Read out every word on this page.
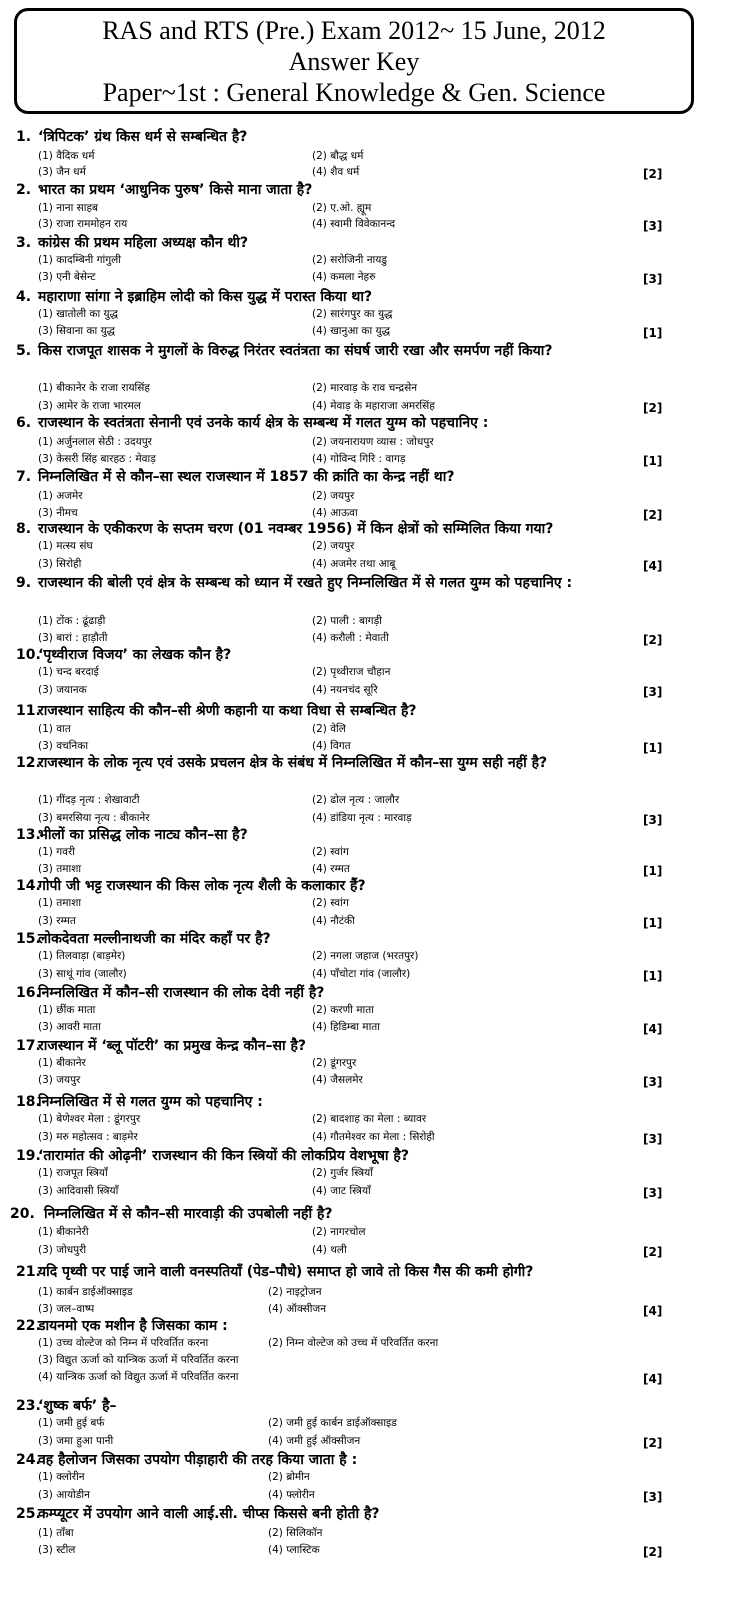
RAS and RTS (Pre.) Exam 2012~ 15 June, 2012
Answer Key
Paper~1st : General Knowledge & Gen. Science
1. ‘त्रिपिटक’ ग्रंथ किस धर्म से सम्बन्धित है?
(1) वैदिक धर्म	(2) बौद्ध धर्म
(3) जैन धर्म	(4) शैव धर्म	[2]
2. भारत का प्रथम ‘आधुनिक पुरुष’ किसे माना जाता है?
(1) नाना साहब	(2) ए.ओ. ह्यूम
(3) राजा राममोहन राय	(4) स्वामी विवेकानन्द	[3]
3. कांग्रेस की प्रथम महिला अध्यक्ष कौन थी?
(1) कादम्बिनी गांगुली	(2) सरोजिनी नायडु
(3) एनी बेसेन्ट	(4) कमला नेहरु	[3]
4. महाराणा सांगा ने इब्राहिम लोदी को किस युद्ध में परास्त किया था?
(1) खातोली का युद्ध	(2) सारंगपुर का युद्ध
(3) सिवाना का युद्ध	(4) खानुआ का युद्ध	[1]
5. किस राजपूत शासक ने मुगलों के विरुद्ध निरंतर स्वतंत्रता का संघर्ष जारी रखा और समर्पण नहीं किया?
(1) बीकानेर के राजा रायसिंह	(2) मारवाड़ के राव चन्द्रसेन
(3) आमेर के राजा भारमल	(4) मेवाड़ के महाराजा अमरसिंह	[2]
6. राजस्थान के स्वतंत्रता सेनानी एवं उनके कार्य क्षेत्र के सम्बन्ध में गलत युग्म को पहचानिए :
(1) अर्जुनलाल सेठी : उदयपुर	(2) जयनारायण व्यास : जोधपुर
(3) केसरी सिंह बारहठ : मेवाड़	(4) गोविन्द गिरि : वागड़	[1]
7. निम्नलिखित में से कौन–सा स्थल राजस्थान में 1857 की क्रांति का केन्द्र नहीं था?
(1) अजमेर	(2) जयपुर
(3) नीमच	(4) आऊवा	[2]
8. राजस्थान के एकीकरण के सप्तम चरण (01 नवम्बर 1956) में किन क्षेत्रों को सम्मिलित किया गया?
(1) मत्स्य संघ	(2) जयपुर
(3) सिरोही	(4) अजमेर तथा आबू	[4]
9. राजस्थान की बोली एवं क्षेत्र के सम्बन्ध को ध्यान में रखते हुए निम्नलिखित में से गलत युग्म को पहचानिए :
(1) टोंक : ढूंढाड़ी	(2) पाली : बागड़ी
(3) बारां : हाड़ौती	(4) करौली : मेवाती	[2]
10.
‘पृथ्वीराज विजय’ का लेखक कौन है?
(1) चन्द बरदाई	(2) पृथ्वीराज चौहान
(3) जयानक	(4) नयनचंद सूरि	[3]
11.
राजस्थान साहित्य की कौन–सी श्रेणी कहानी या कथा विधा से सम्बन्धित है?
(1) वात	(2) वेलि
(3) वचनिका	(4) विगत	[1]
12.
राजस्थान के लोक नृत्य एवं उसके प्रचलन क्षेत्र के संबंध में निम्नलिखित में कौन–सा युग्म सही नहीं है?
(1) गींदड़ नृत्य : शेखावाटी	(2) ढोल नृत्य : जालौर
(3) बमरसिया नृत्य : बीकानेर	(4) डांडिया नृत्य : मारवाड़	[3]
13.
भीलों का प्रसिद्ध लोक नाट्य कौन–सा है?
(1) गवरी	(2) स्वांग
(3) तमाशा	(4) रम्मत	[1]
14.
गोपी जी भट्ट राजस्थान की किस लोक नृत्य शैली के कलाकार हैं?
(1) तमाशा	(2) स्वांग
(3) रम्मत	(4) नौटंकी	[1]
15.
लोकदेवता मल्लीनाथजी का मंदिर कहाँ पर है?
(1) तिलवाड़ा (बाड़मेर)	(2) नगला जहाज (भरतपुर)
(3) साथूं गांव (जालौर)	(4) पाँचोटा गांव (जालौर)	[1]
16.
निम्नलिखित में कौन–सी राजस्थान की लोक देवी नहीं है?
(1) छींक माता	(2) करणी माता
(3) आवरी माता	(4) हिडिम्बा माता	[4]
17.
राजस्थान में ‘ब्लू पॉटरी’ का प्रमुख केन्द्र कौन–सा है?
(1) बीकानेर	(2) डूंगरपुर
(3) जयपुर	(4) जैसलमेर	[3]
18.
निम्नलिखित में से गलत युग्म को पहचानिए :
(1) बेणेश्वर मेला : डूंगरपुर	(2) बादशाह का मेला : ब्यावर
(3) मरु महोत्सव : बाड़मेर	(4) गौतमेश्वर का मेला : सिरोही	[3]
19.
‘तारामांत की ओढ़नी’ राजस्थान की किन स्त्रियों की लोकप्रिय वेशभूषा है?
(1) राजपूत स्त्रियाँ	(2) गुर्जर स्त्रियाँ
(3) आदिवासी स्त्रियाँ	(4) जाट स्त्रियाँ	[3]
20. निम्नलिखित में से कौन–सी मारवाड़ी की उपबोली नहीं है?
(1) बीकानेरी	(2) नागरचोल
(3) जोधपुरी	(4) थली	[2]
21.
यदि पृथ्वी पर पाई जाने वाली वनस्पतियाँ (पेड–पौधे) समाप्त हो जावे तो किस गैस की कमी होगी?
(1) कार्बन डाईऑक्साइड	(2) नाइट्रोजन
(3) जल–वाष्प	(4) ऑक्सीजन	[4]
22.
डायनमो एक मशीन है जिसका काम :
(1) उच्च वोल्टेज को निम्न में परिवर्तित करना	(2) निम्न वोल्टेज को उच्च में परिवर्तित करना
(3) विद्युत ऊर्जा को यान्त्रिक ऊर्जा में परिवर्तित करना
(4) यान्त्रिक ऊर्जा को विद्युत ऊर्जा में परिवर्तित करना	[4]
23.
‘शुष्क बर्फ’ है–
(1) जमी हुई बर्फ	(2) जमी हुई कार्बन डाईऑक्साइड
(3) जमा हुआ पानी	(4) जमी हुई ऑक्सीजन	[2]
24.
वह हैलोजन जिसका उपयोग पीड़ाहारी की तरह किया जाता है :
(1) क्लोरीन	(2) ब्रोमीन
(3) आयोडीन	(4) फ्लोरीन	[3]
25.
कम्प्यूटर में उपयोग आने वाली आई.सी. चीप्स किससे बनी होती है?
(1) ताँबा	(2) सिलिकॉन
(3) स्टील	(4) प्लास्टिक	[2]
